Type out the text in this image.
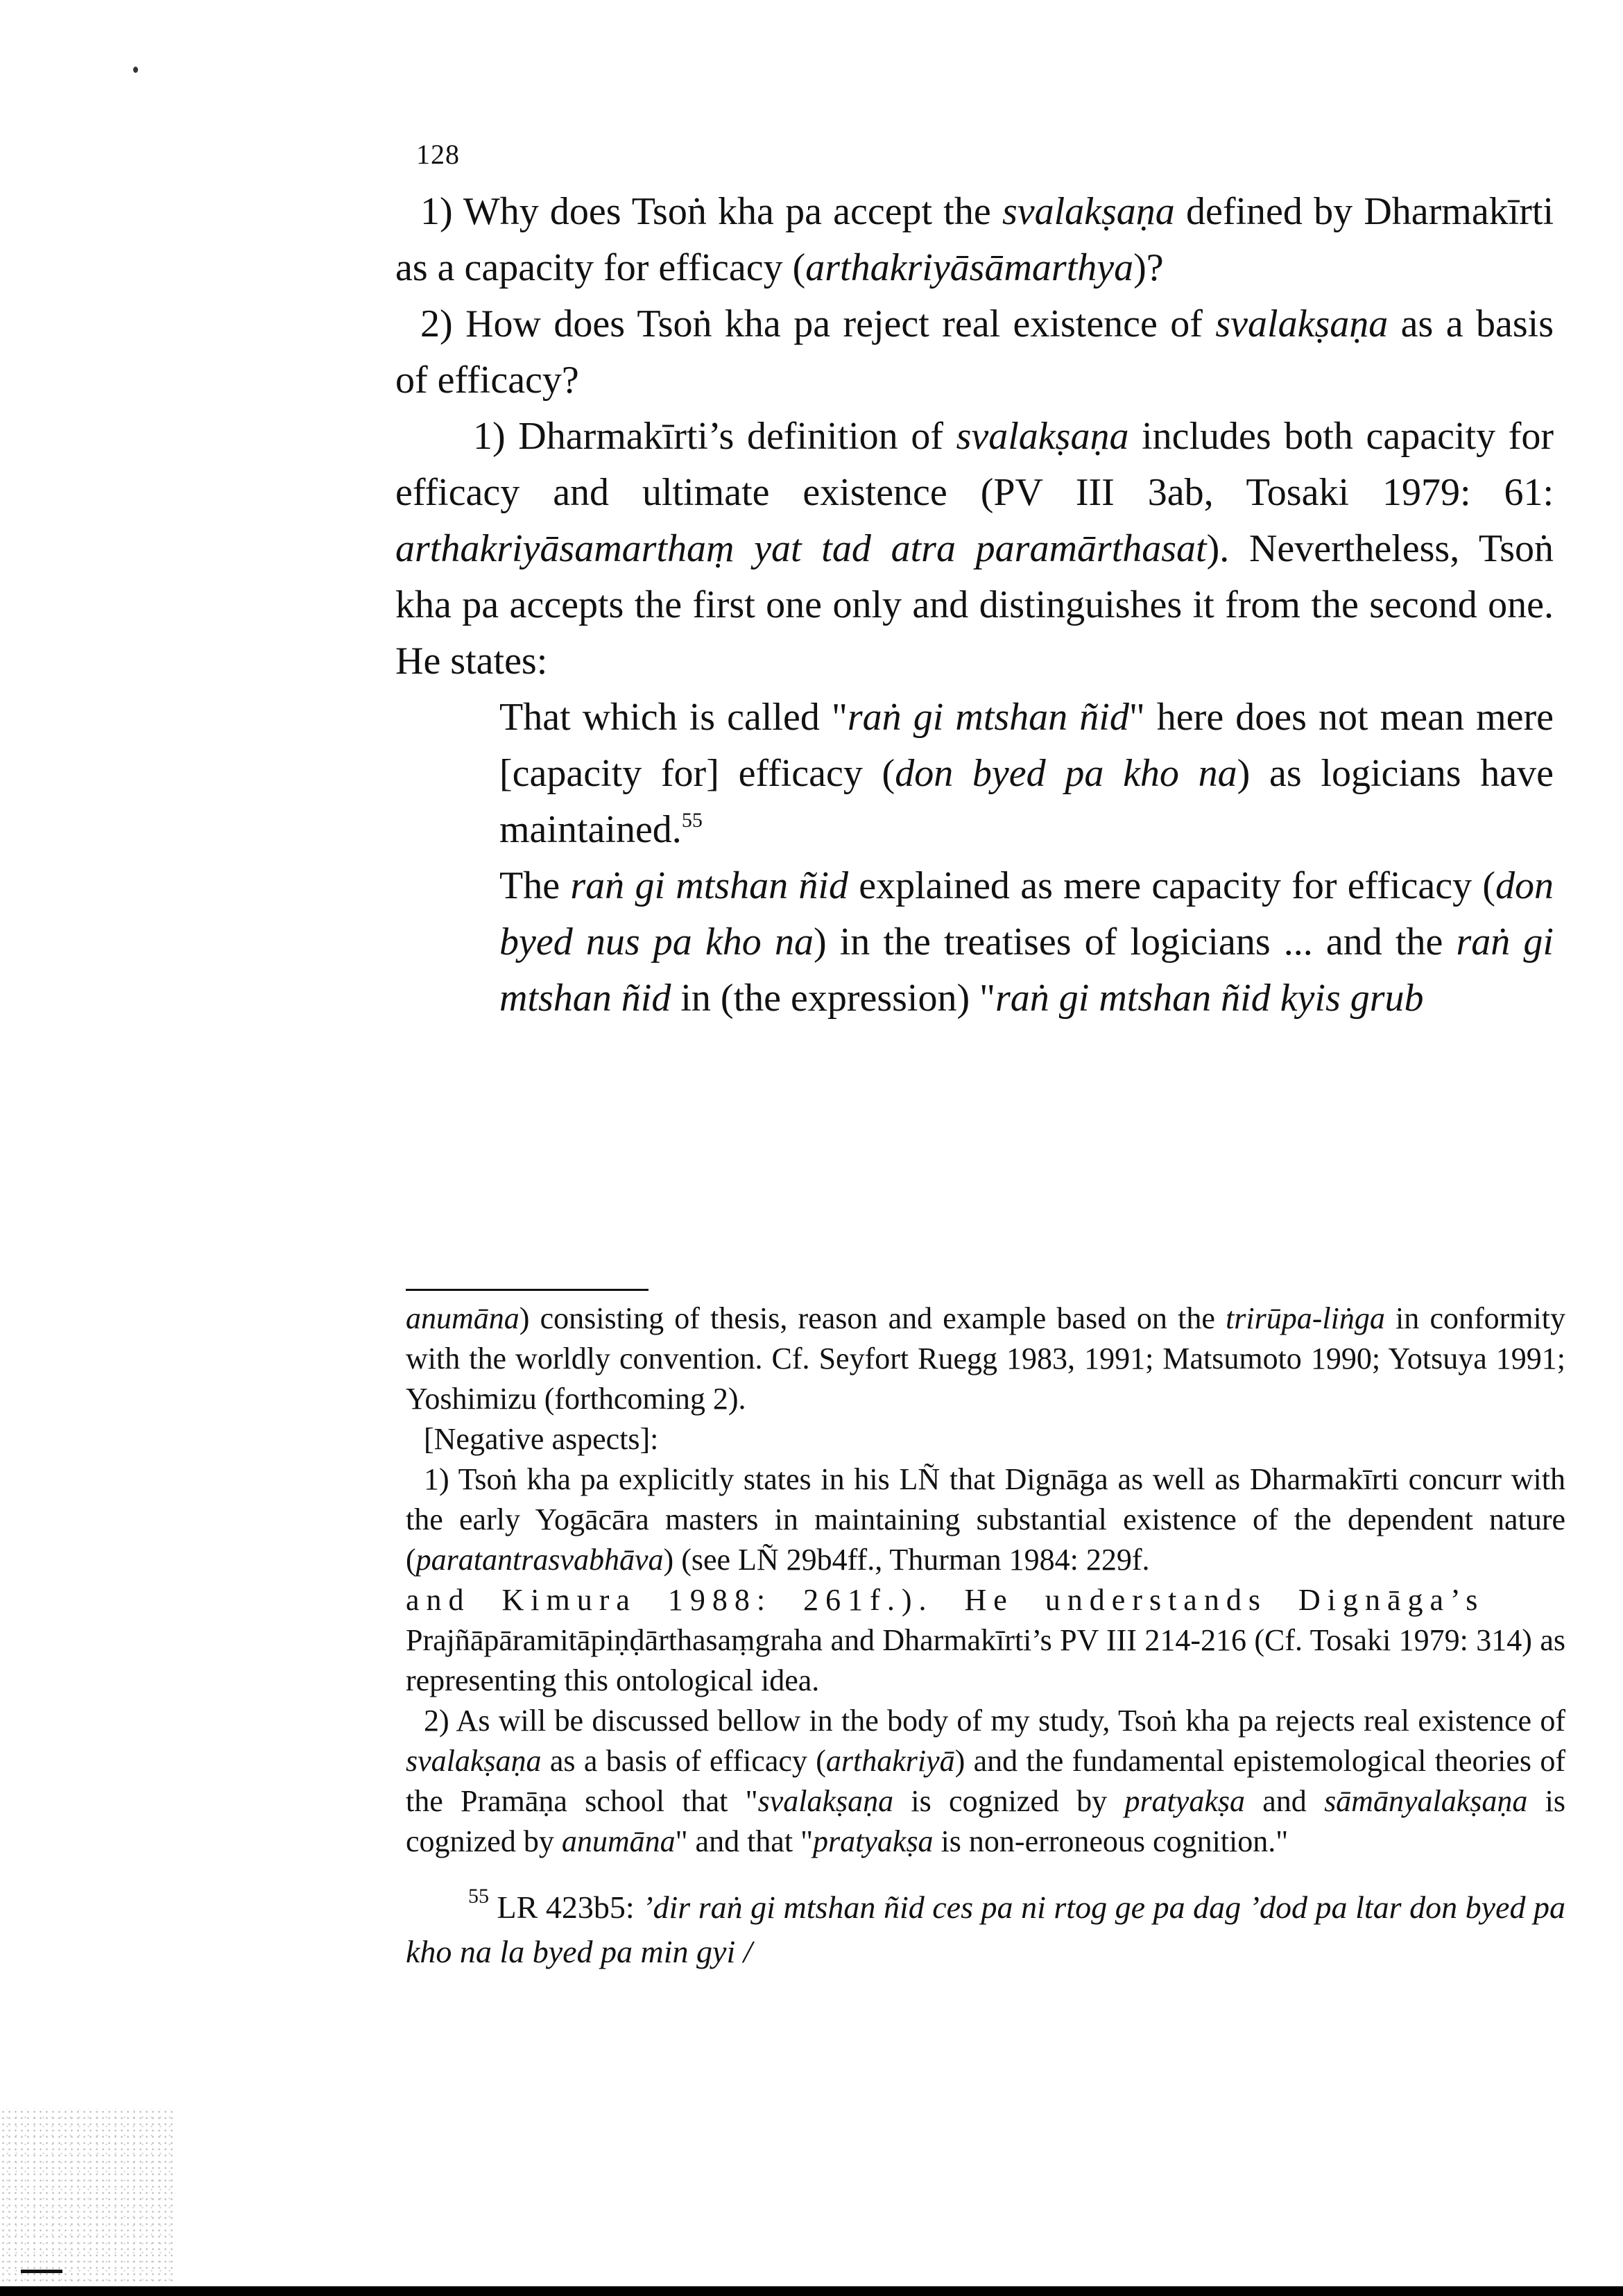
128

1) Why does Tsoṅ kha pa accept the svalakṣaṇa defined by Dharmakīrti as a capacity for efficacy (arthakriyāsāmarthya)?

2) How does Tsoṅ kha pa reject real existence of svalakṣaṇa as a basis of efficacy?

1) Dharmakīrti’s definition of svalakṣaṇa includes both capacity for efficacy and ultimate existence (PV III 3ab, Tosaki 1979: 61: arthakriyāsamarthaṃ yat tad atra paramārthasat). Nevertheless, Tsoṅ kha pa accepts the first one only and distinguishes it from the second one. He states:

That which is called "raṅ gi mtshan ñid" here does not mean mere [capacity for] efficacy (don byed pa kho na) as logicians have maintained.$^{55}$

The raṅ gi mtshan ñid explained as mere capacity for efficacy (don byed nus pa kho na) in the treatises of logicians ... and the raṅ gi mtshan ñid in (the expression) "raṅ gi mtshan ñid kyis grub

anumāna) consisting of thesis, reason and example based on the trirūpa-liṅga in conformity with the worldly convention. Cf. Seyfort Ruegg 1983, 1991; Matsumoto 1990; Yotsuya 1991; Yoshimizu (forthcoming 2).

[Negative aspects]:

1) Tsoṅ kha pa explicitly states in his LÑ that Dignāga as well as Dharmakīrti concurr with the early Yogācāra masters in maintaining substantial existence of the dependent nature (paratantrasvabhāva) (see LÑ 29b4ff., Thurman 1984: 229f.
and Kimura 1988: 261f.). He understands Dignāga’s
Prajñāpāramitāpiṇḍārthasaṃgraha and Dharmakīrti’s PV III 214-216 (Cf. Tosaki 1979: 314) as representing this ontological idea.

2) As will be discussed bellow in the body of my study, Tsoṅ kha pa rejects real existence of svalakṣaṇa as a basis of efficacy (arthakriyā) and the fundamental epistemological theories of the Pramāṇa school that "svalakṣaṇa is cognized by pratyakṣa and sāmānyalakṣaṇa is cognized by anumāna" and that "pratyakṣa is non-erroneous cognition."

$^{55}$ LR 423b5: ’dir raṅ gi mtshan ñid ces pa ni rtog ge pa dag ’dod pa ltar don byed pa kho na la byed pa min gyi /
